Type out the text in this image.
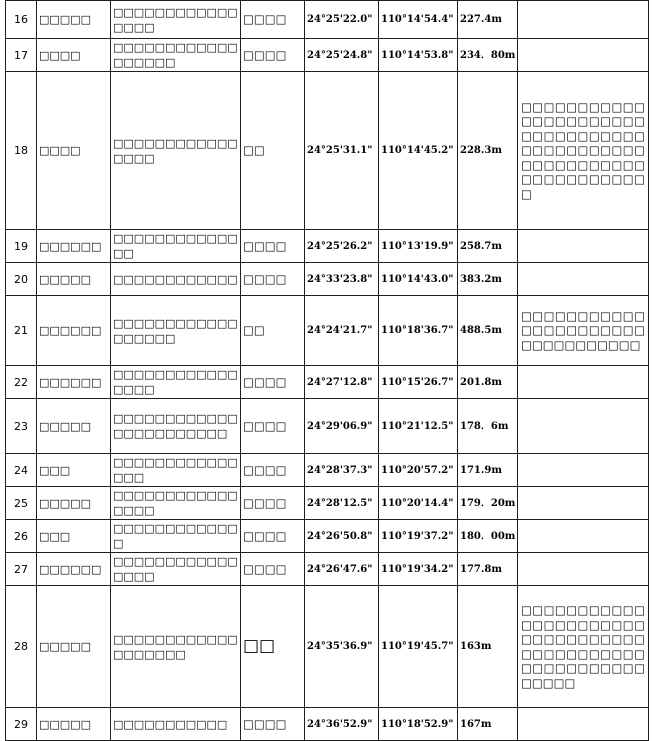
16	□□□□□	□□□□□□□□□□□□□□□□	□□□□	24°25'22.0"	110°14'54.4"	227.4m	
17	□□□□	□□□□□□□□□□□□□□□□□□	□□□□	24°25'24.8"	110°14'53.8"	234．80m	
18	□□□□	□□□□□□□□□□□□□□□□	□□	24°25'31.1"	110°14'45.2"	228.3m	□□□□□□□□□□□□□□□□□□□□□□□□□□□□□□□□□□□□□□□□□□□□□□□□□□□□□□□□□□□□□□□□□□□
19	□□□□□□	□□□□□□□□□□□□□□	□□□□	24°25'26.2"	110°13'19.9"	258.7m	
20	□□□□□	□□□□□□□□□□□□	□□□□	24°33'23.8"	110°14'43.0"	383.2m	
21	□□□□□□	□□□□□□□□□□□□□□□□□□	□□	24°24'21.7"	110°18'36.7"	488.5m	□□□□□□□□□□□□□□□□□□□□□□□□□□□□□□□□□
22	□□□□□□	□□□□□□□□□□□□□□□□	□□□□	24°27'12.8"	110°15'26.7"	201.8m	
23	□□□□□	□□□□□□□□□□□□□□□□□□□□□□□	□□□□	24°29'06.9"	110°21'12.5"	178．6m	
24	□□□	□□□□□□□□□□□□□□□	□□□□	24°28'37.3"	110°20'57.2"	171.9m	
25	□□□□□	□□□□□□□□□□□□□□□□	□□□□	24°28'12.5"	110°20'14.4"	179．20m	
26	□□□	□□□□□□□□□□□□□	□□□□	24°26'50.8"	110°19'37.2"	180．00m	
27	□□□□□□	□□□□□□□□□□□□□□□□	□□□□	24°26'47.6"	110°19'34.2"	177.8m	
28	□□□□□	□□□□□□□□□□□□□□□□□□□	□□	24°35'36.9"	110°19'45.7"	163m	□□□□□□□□□□□□□□□□□□□□□□□□□□□□□□□□□□□□□□□□□□□□□□□□□□□□□□□□□□□□
29	□□□□□	□□□□□□□□□□□	□□□□	24°36'52.9"	110°18'52.9"	167m	
